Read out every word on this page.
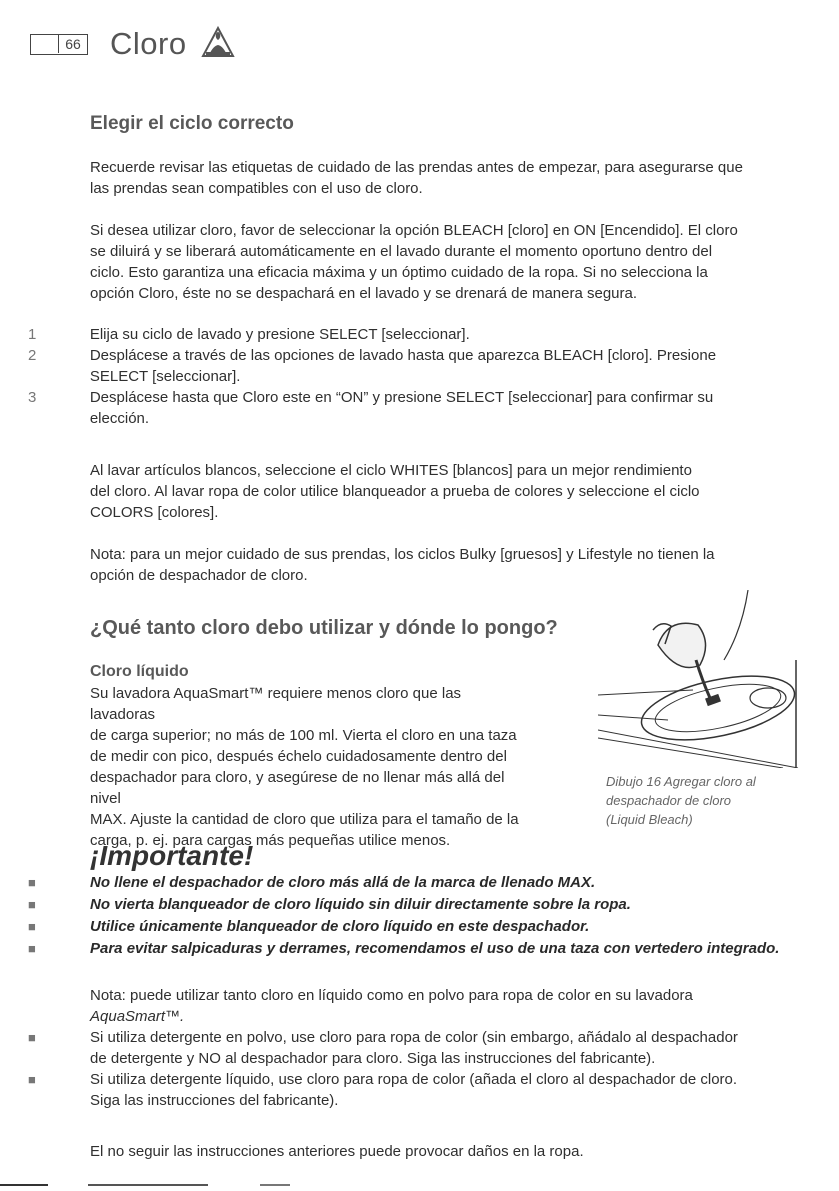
66 Cloro
Elegir el ciclo correcto

Recuerde revisar las etiquetas de cuidado de las prendas antes de empezar, para asegurarse que

las prendas sean compatibles con el uso de cloro.

Si desea utilizar cloro, favor de seleccionar la opción BLEACH [cloro] en ON [Encendido]. El cloro

se diluirá y se liberará automáticamente en el lavado durante el momento oportuno dentro del

ciclo. Esto garantiza una eficacia máxima y un óptimo cuidado de la ropa. Si no selecciona la

opción Cloro, éste no se despachará en el lavado y se drenará de manera segura.

1	Elija su ciclo de lavado y presione SELECT [seleccionar].

2	Desplácese a través de las opciones de lavado hasta que aparezca BLEACH [cloro]. Presione

SELECT [seleccionar].

3	Desplácese hasta que Cloro este en “ON” y presione SELECT [seleccionar] para confirmar su

elección.

Al lavar artículos blancos, seleccione el ciclo WHITES [blancos] para un mejor rendimiento

del cloro. Al lavar ropa de color utilice blanqueador a prueba de colores y seleccione el ciclo

COLORS [colores].

Nota: para un mejor cuidado de sus prendas, los ciclos Bulky [gruesos] y Lifestyle no tienen la

opción de despachador de cloro.

¿Qué tanto cloro debo utilizar y dónde lo pongo?
Cloro líquido

Su lavadora AquaSmart™ requiere menos cloro que las lavadoras

de carga superior; no más de 100 ml. Vierta el cloro en una taza

de medir con pico, después échelo cuidadosamente dentro del

despachador para cloro, y asegúrese de no llenar más allá del nivel

MAX. Ajuste la cantidad de cloro que utiliza para el tamaño de la

carga, p. ej. para cargas más pequeñas utilice menos.

Dibujo 16 Agregar cloro al
despachador de cloro
(Liquid Bleach)
¡Importante!
■	No llene el despachador de cloro más allá de la marca de llenado MAX.
■	No vierta blanqueador de cloro líquido sin diluir directamente sobre la ropa.
■	Utilice únicamente blanqueador de cloro líquido en este despachador.
■	Para evitar salpicaduras y derrames, recomendamos el uso de una taza con vertedero integrado.

Nota: puede utilizar tanto cloro en líquido como en polvo para ropa de color en su lavadora

AquaSmart™.

■	Si utiliza detergente en polvo, use cloro para ropa de color (sin embargo, añádalo al despachador

de detergente y NO al despachador para cloro. Siga las instrucciones del fabricante).

■	Si utiliza detergente líquido, use cloro para ropa de color (añada el cloro al despachador de cloro.

Siga las instrucciones del fabricante).

El no seguir las instrucciones anteriores puede provocar daños en la ropa.
